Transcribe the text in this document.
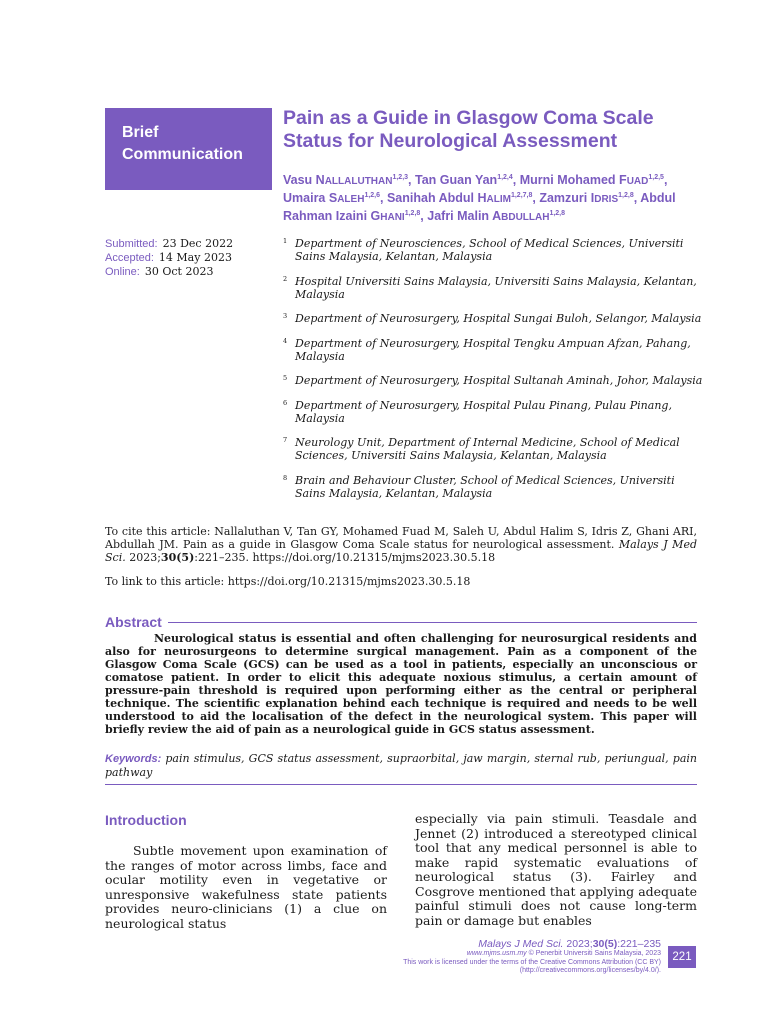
Brief
Communication
Pain as a Guide in Glasgow Coma Scale Status for Neurological Assessment
Vasu NALLALUTHAN$^{1,2,3}$, Tan Guan Yan$^{1,2,4}$, Murni Mohamed FUAD$^{1,2,5}$, Umaira SALEH$^{1,2,6}$, Sanihah Abdul HALIM$^{1,2,7,8}$, Zamzuri IDRIS$^{1,2,8}$, Abdul Rahman Izaini GHANI$^{1,2,8}$, Jafri Malin ABDULLAH$^{1,2,8}$
Submitted: 23 Dec 2022
Accepted: 14 May 2023
Online: 30 Oct 2023
1 Department of Neurosciences, School of Medical Sciences, Universiti Sains Malaysia, Kelantan, Malaysia
2 Hospital Universiti Sains Malaysia, Universiti Sains Malaysia, Kelantan, Malaysia
3 Department of Neurosurgery, Hospital Sungai Buloh, Selangor, Malaysia
4 Department of Neurosurgery, Hospital Tengku Ampuan Afzan, Pahang, Malaysia
5 Department of Neurosurgery, Hospital Sultanah Aminah, Johor, Malaysia
6 Department of Neurosurgery, Hospital Pulau Pinang, Pulau Pinang, Malaysia
7 Neurology Unit, Department of Internal Medicine, School of Medical Sciences, Universiti Sains Malaysia, Kelantan, Malaysia
8 Brain and Behaviour Cluster, School of Medical Sciences, Universiti Sains Malaysia, Kelantan, Malaysia

To cite this article: Nallaluthan V, Tan GY, Mohamed Fuad M, Saleh U, Abdul Halim S, Idris Z, Ghani ARI, Abdullah JM. Pain as a guide in Glasgow Coma Scale status for neurological assessment. Malays J Med Sci. 2023;30(5):221–235. https://doi.org/10.21315/mjms2023.30.5.18

To link to this article: https://doi.org/10.21315/mjms2023.30.5.18

Abstract

Neurological status is essential and often challenging for neurosurgical residents and also for neurosurgeons to determine surgical management. Pain as a component of the Glasgow Coma Scale (GCS) can be used as a tool in patients, especially an unconscious or comatose patient. In order to elicit this adequate noxious stimulus, a certain amount of pressure-pain threshold is required upon performing either as the central or peripheral technique. The scientific explanation behind each technique is required and needs to be well understood to aid the localisation of the defect in the neurological system. This paper will briefly review the aid of pain as a neurological guide in GCS status assessment.

Keywords: pain stimulus, GCS status assessment, supraorbital, jaw margin, sternal rub, periungual, pain pathway

Introduction

Subtle movement upon examination of the ranges of motor across limbs, face and ocular motility even in vegetative or unresponsive wakefulness state patients provides neuro-clinicians (1) a clue on neurological status

especially via pain stimuli. Teasdale and Jennet (2) introduced a stereotyped clinical tool that any medical personnel is able to make rapid systematic evaluations of neurological status (3). Fairley and Cosgrove mentioned that applying adequate painful stimuli does not cause long-term pain or damage but enables

Malays J Med Sci. 2023;30(5):221–235
www.mjms.usm.my © Penerbit Universiti Sains Malaysia, 2023
This work is licensed under the terms of the Creative Commons Attribution (CC BY)
(http://creativecommons.org/licenses/by/4.0/).
221
